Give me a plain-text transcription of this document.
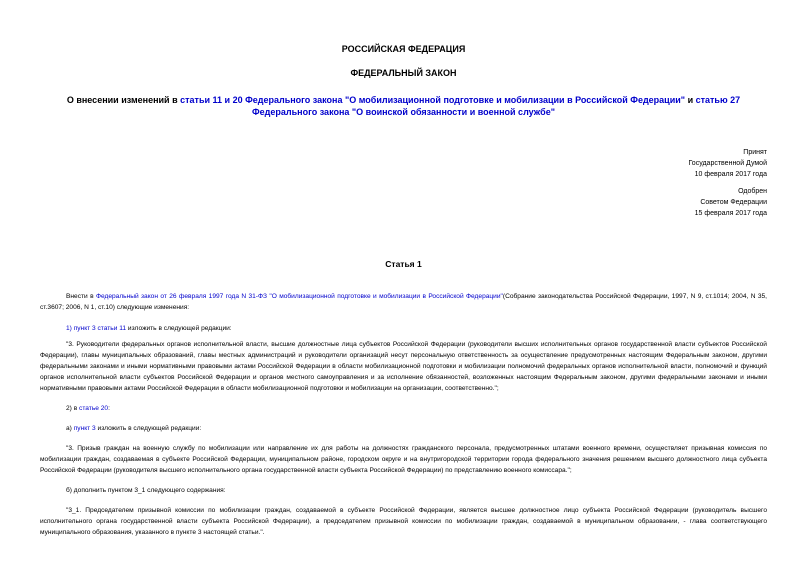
РОССИЙСКАЯ ФЕДЕРАЦИЯ
ФЕДЕРАЛЬНЫЙ ЗАКОН
О внесении изменений в статьи 11 и 20 Федерального закона "О мобилизационной подготовке и мобилизации в Российской Федерации" и статью 27 Федерального закона "О воинской обязанности и военной службе"
Принят
Государственной Думой
10 февраля 2017 года
Одобрен
Советом Федерации
15 февраля 2017 года
Статья 1
Внести в Федеральный закон от 26 февраля 1997 года N 31-ФЗ "О мобилизационной подготовке и мобилизации в Российской Федерации"(Собрание законодательства Российской Федерации, 1997, N 9, ст.1014; 2004, N 35, ст.3607; 2006, N 1, ст.10) следующие изменения:
1) пункт 3 статьи 11 изложить в следующей редакции:
"3. Руководители федеральных органов исполнительной власти, высшие должностные лица субъектов Российской Федерации (руководители высших исполнительных органов государственной власти субъектов Российской Федерации), главы муниципальных образований, главы местных администраций и руководители организаций несут персональную ответственность за осуществление предусмотренных настоящим Федеральным законом, другими федеральными законами и иными нормативными правовыми актами Российской Федерации в области мобилизационной подготовки и мобилизации полномочий федеральных органов исполнительной власти, полномочий и функций органов исполнительной власти субъектов Российской Федерации и органов местного самоуправления и за исполнение обязанностей, возложенных настоящим Федеральным законом, другими федеральными законами и иными нормативными правовыми актами Российской Федерации в области мобилизационной подготовки и мобилизации на организации, соответственно.";
2) в статье 20:
а) пункт 3 изложить в следующей редакции:
"3. Призыв граждан на военную службу по мобилизации или направление их для работы на должностях гражданского персонала, предусмотренных штатами военного времени, осуществляет призывная комиссия по мобилизации граждан, создаваемая в субъекте Российской Федерации, муниципальном районе, городском округе и на внутригородской территории города федерального значения решением высшего должностного лица субъекта Российской Федерации (руководителя высшего исполнительного органа государственной власти субъекта Российской Федерации) по представлению военного комиссара.";
б) дополнить пунктом 3_1 следующего содержания:
"3_1. Председателем призывной комиссии по мобилизации граждан, создаваемой в субъекте Российской Федерации, является высшее должностное лицо субъекта Российской Федерации (руководитель высшего исполнительного органа государственной власти субъекта Российской Федерации), а председателем призывной комиссии по мобилизации граждан, создаваемой в муниципальном образовании, - глава соответствующего муниципального образования, указанного в пункте 3 настоящей статьи.".
